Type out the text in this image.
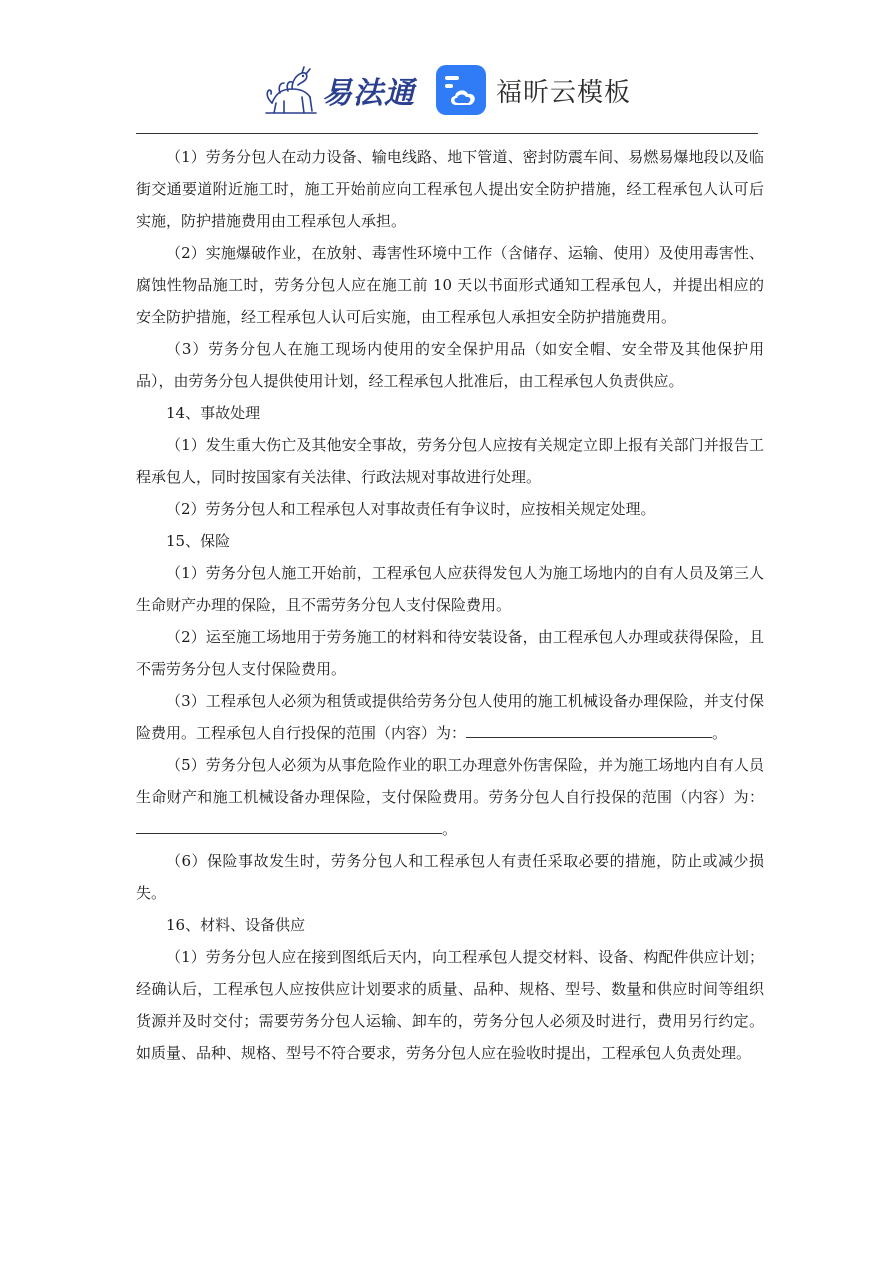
易法通	福昕云模板

（1）劳务分包人在动力设备、输电线路、地下管道、密封防震车间、易燃易爆地段以及临街交通要道附近施工时，施工开始前应向工程承包人提出安全防护措施，经工程承包人认可后实施，防护措施费用由工程承包人承担。

（2）实施爆破作业，在放射、毒害性环境中工作（含储存、运输、使用）及使用毒害性、腐蚀性物品施工时，劳务分包人应在施工前 10 天以书面形式通知工程承包人，并提出相应的安全防护措施，经工程承包人认可后实施，由工程承包人承担安全防护措施费用。

（3）劳务分包人在施工现场内使用的安全保护用品（如安全帽、安全带及其他保护用品），由劳务分包人提供使用计划，经工程承包人批准后，由工程承包人负责供应。

14、事故处理

（1）发生重大伤亡及其他安全事故，劳务分包人应按有关规定立即上报有关部门并报告工程承包人，同时按国家有关法律、行政法规对事故进行处理。

（2）劳务分包人和工程承包人对事故责任有争议时，应按相关规定处理。

15、保险

（1）劳务分包人施工开始前，工程承包人应获得发包人为施工场地内的自有人员及第三人生命财产办理的保险，且不需劳务分包人支付保险费用。

（2）运至施工场地用于劳务施工的材料和待安装设备，由工程承包人办理或获得保险，且不需劳务分包人支付保险费用。

（3）工程承包人必须为租赁或提供给劳务分包人使用的施工机械设备办理保险，并支付保险费用。工程承包人自行投保的范围（内容）为：	。

（5）劳务分包人必须为从事危险作业的职工办理意外伤害保险，并为施工场地内自有人员生命财产和施工机械设备办理保险，支付保险费用。劳务分包人自行投保的范围（内容）为：。

（6）保险事故发生时，劳务分包人和工程承包人有责任采取必要的措施，防止或减少损失。

16、材料、设备供应

（1）劳务分包人应在接到图纸后天内，向工程承包人提交材料、设备、构配件供应计划；经确认后，工程承包人应按供应计划要求的质量、品种、规格、型号、数量和供应时间等组织货源并及时交付；需要劳务分包人运输、卸车的，劳务分包人必须及时进行，费用另行约定。如质量、品种、规格、型号不符合要求，劳务分包人应在验收时提出，工程承包人负责处理。
